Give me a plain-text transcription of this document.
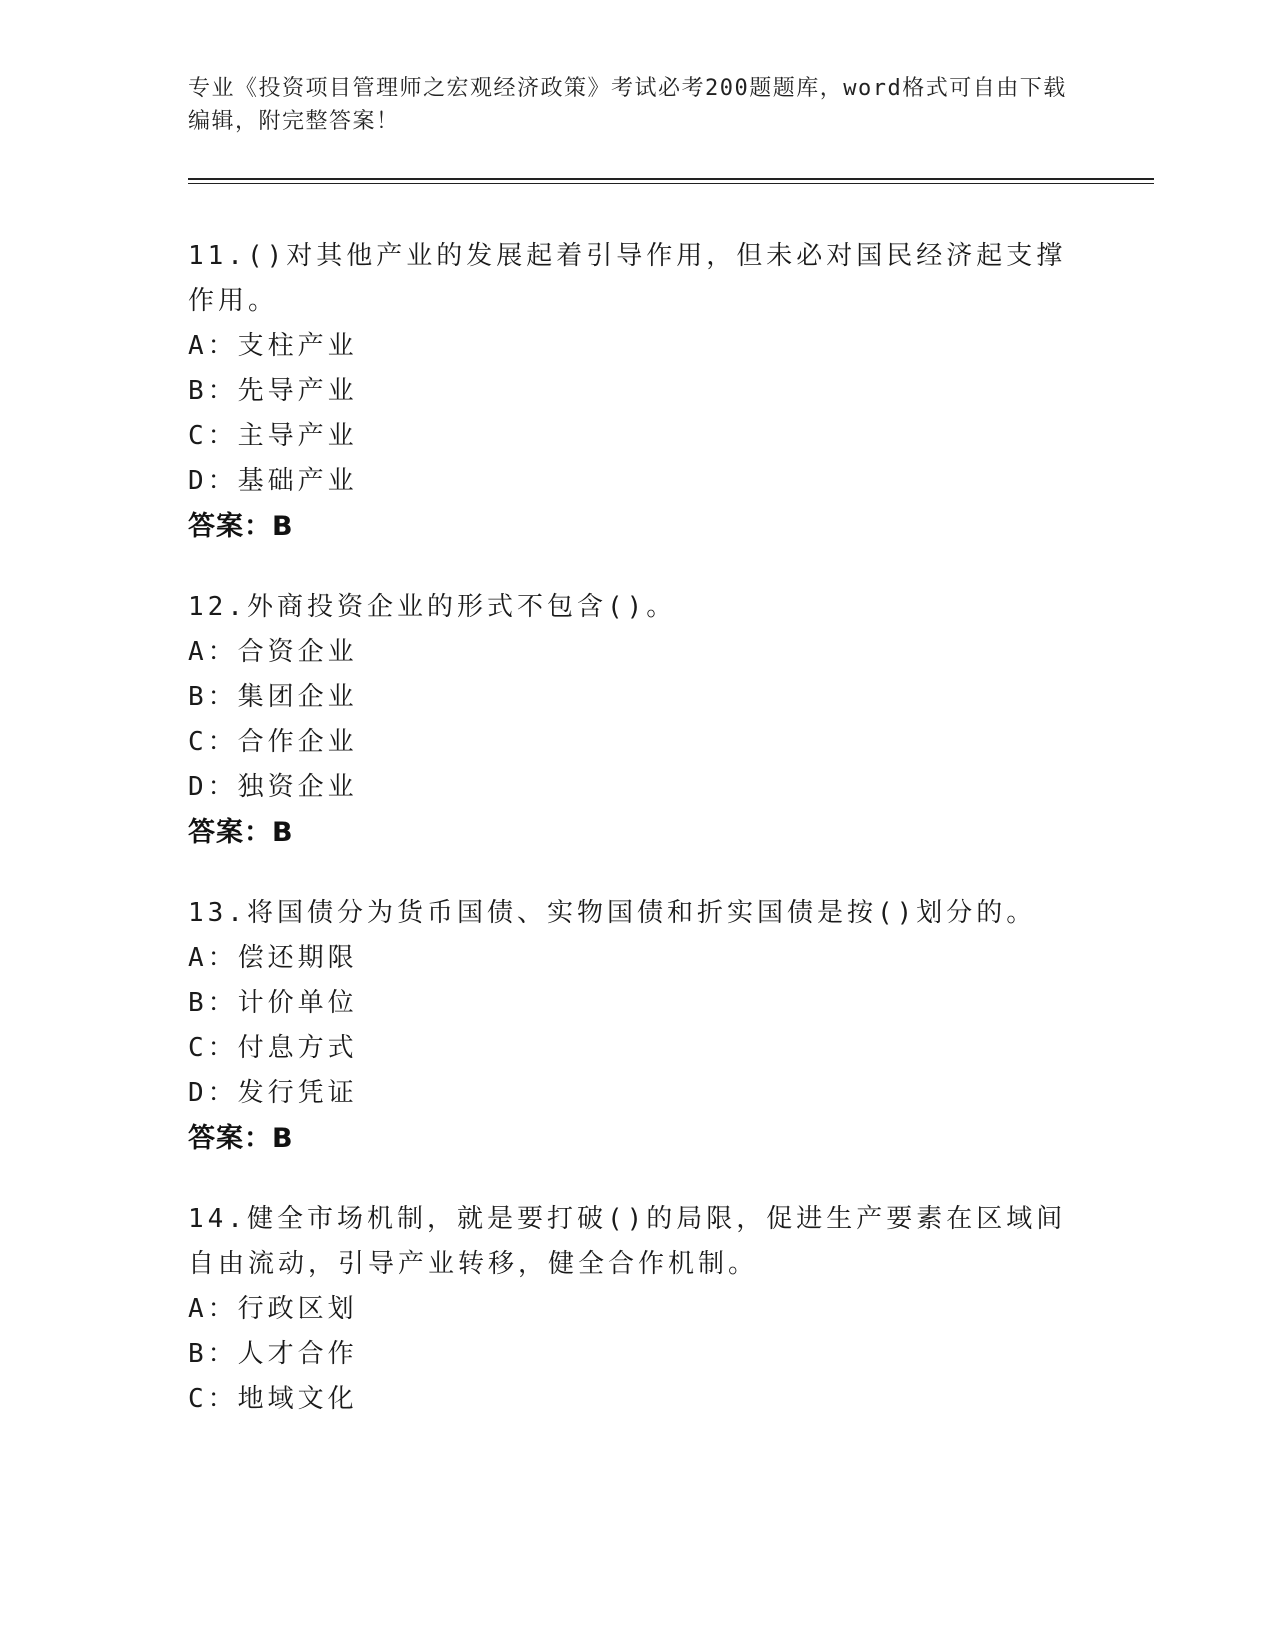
专业《投资项目管理师之宏观经济政策》考试必考200题题库，word格式可自由下载编辑，附完整答案！
11.()对其他产业的发展起着引导作用，但未必对国民经济起支撑作用。
A：支柱产业
B：先导产业
C：主导产业
D：基础产业
答案：B
12.外商投资企业的形式不包含()。
A：合资企业
B：集团企业
C：合作企业
D：独资企业
答案：B
13.将国债分为货币国债、实物国债和折实国债是按()划分的。
A：偿还期限
B：计价单位
C：付息方式
D：发行凭证
答案：B
14.健全市场机制，就是要打破()的局限，促进生产要素在区域间自由流动，引导产业转移，健全合作机制。
A：行政区划
B：人才合作
C：地域文化
